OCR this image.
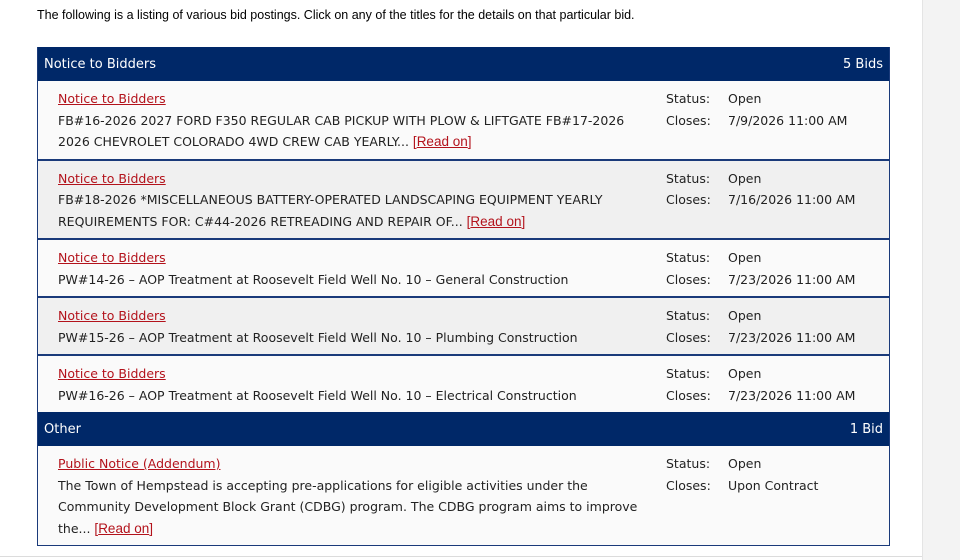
The following is a listing of various bid postings. Click on any of the titles for the details on that particular bid.
Notice to Bidders	5 Bids
Notice to Bidders
FB#16-2026 2027 FORD F350 REGULAR CAB PICKUP WITH PLOW & LIFTGATE FB#17-2026 2026 CHEVROLET COLORADO 4WD CREW CAB YEARLY... [Read on]
Status:	Open
Closes:	7/9/2026 11:00 AM
Notice to Bidders
FB#18-2026 *MISCELLANEOUS BATTERY-OPERATED LANDSCAPING EQUIPMENT YEARLY REQUIREMENTS FOR: C#44-2026 RETREADING AND REPAIR OF... [Read on]
Status:	Open
Closes:	7/16/2026 11:00 AM
Notice to Bidders
PW#14-26 – AOP Treatment at Roosevelt Field Well No. 10 – General Construction
Status:	Open
Closes:	7/23/2026 11:00 AM
Notice to Bidders
PW#15-26 – AOP Treatment at Roosevelt Field Well No. 10 – Plumbing Construction
Status:	Open
Closes:	7/23/2026 11:00 AM
Notice to Bidders
PW#16-26 – AOP Treatment at Roosevelt Field Well No. 10 – Electrical Construction
Status:	Open
Closes:	7/23/2026 11:00 AM
Other	1 Bid
Public Notice (Addendum)
The Town of Hempstead is accepting pre-applications for eligible activities under the Community Development Block Grant (CDBG) program. The CDBG program aims to improve the... [Read on]
Status:	Open
Closes:	Upon Contract
